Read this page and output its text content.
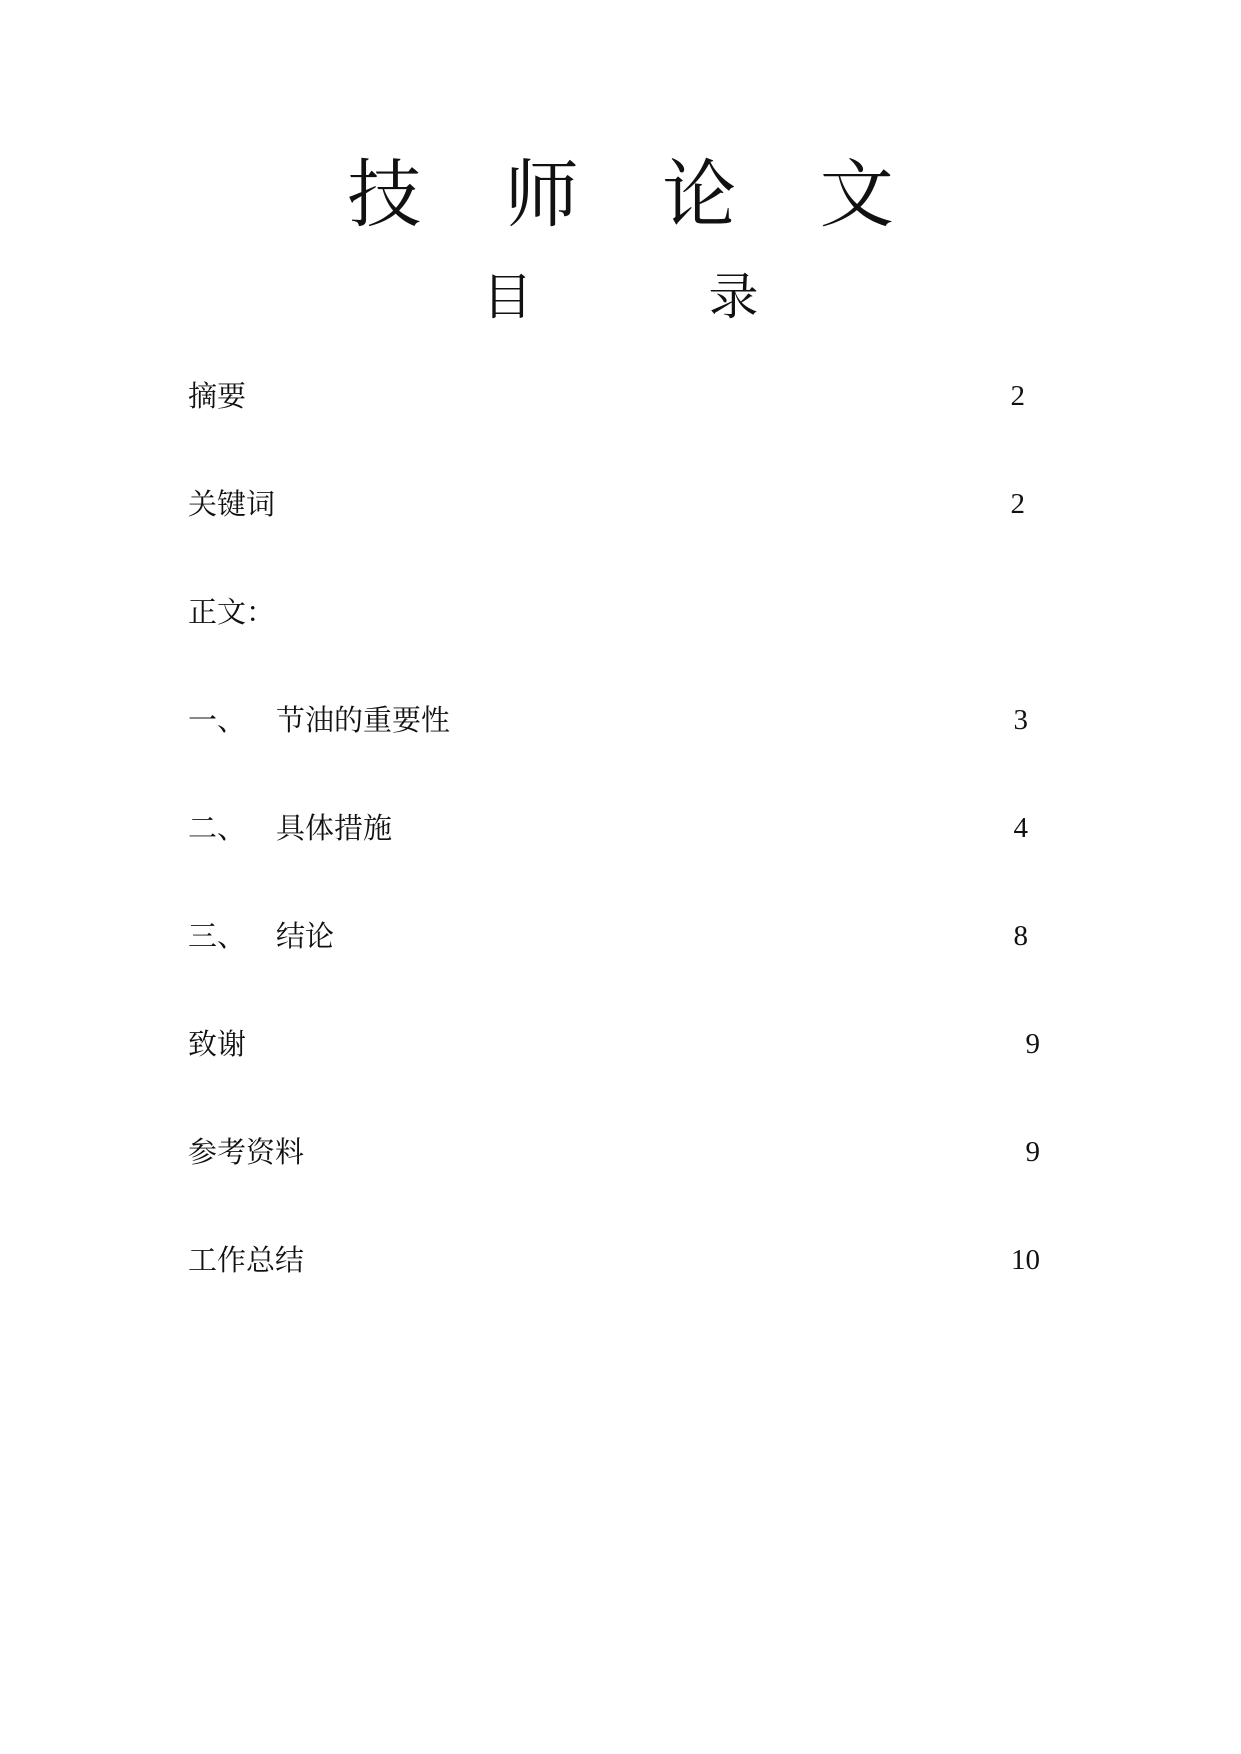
技 师 论 文
目 录
摘要	2
关键词	2
正文：
一、	节油的重要性	3
二、	具体措施	4
三、	结论	8
致谢	9
参考资料	9
工作总结	10
